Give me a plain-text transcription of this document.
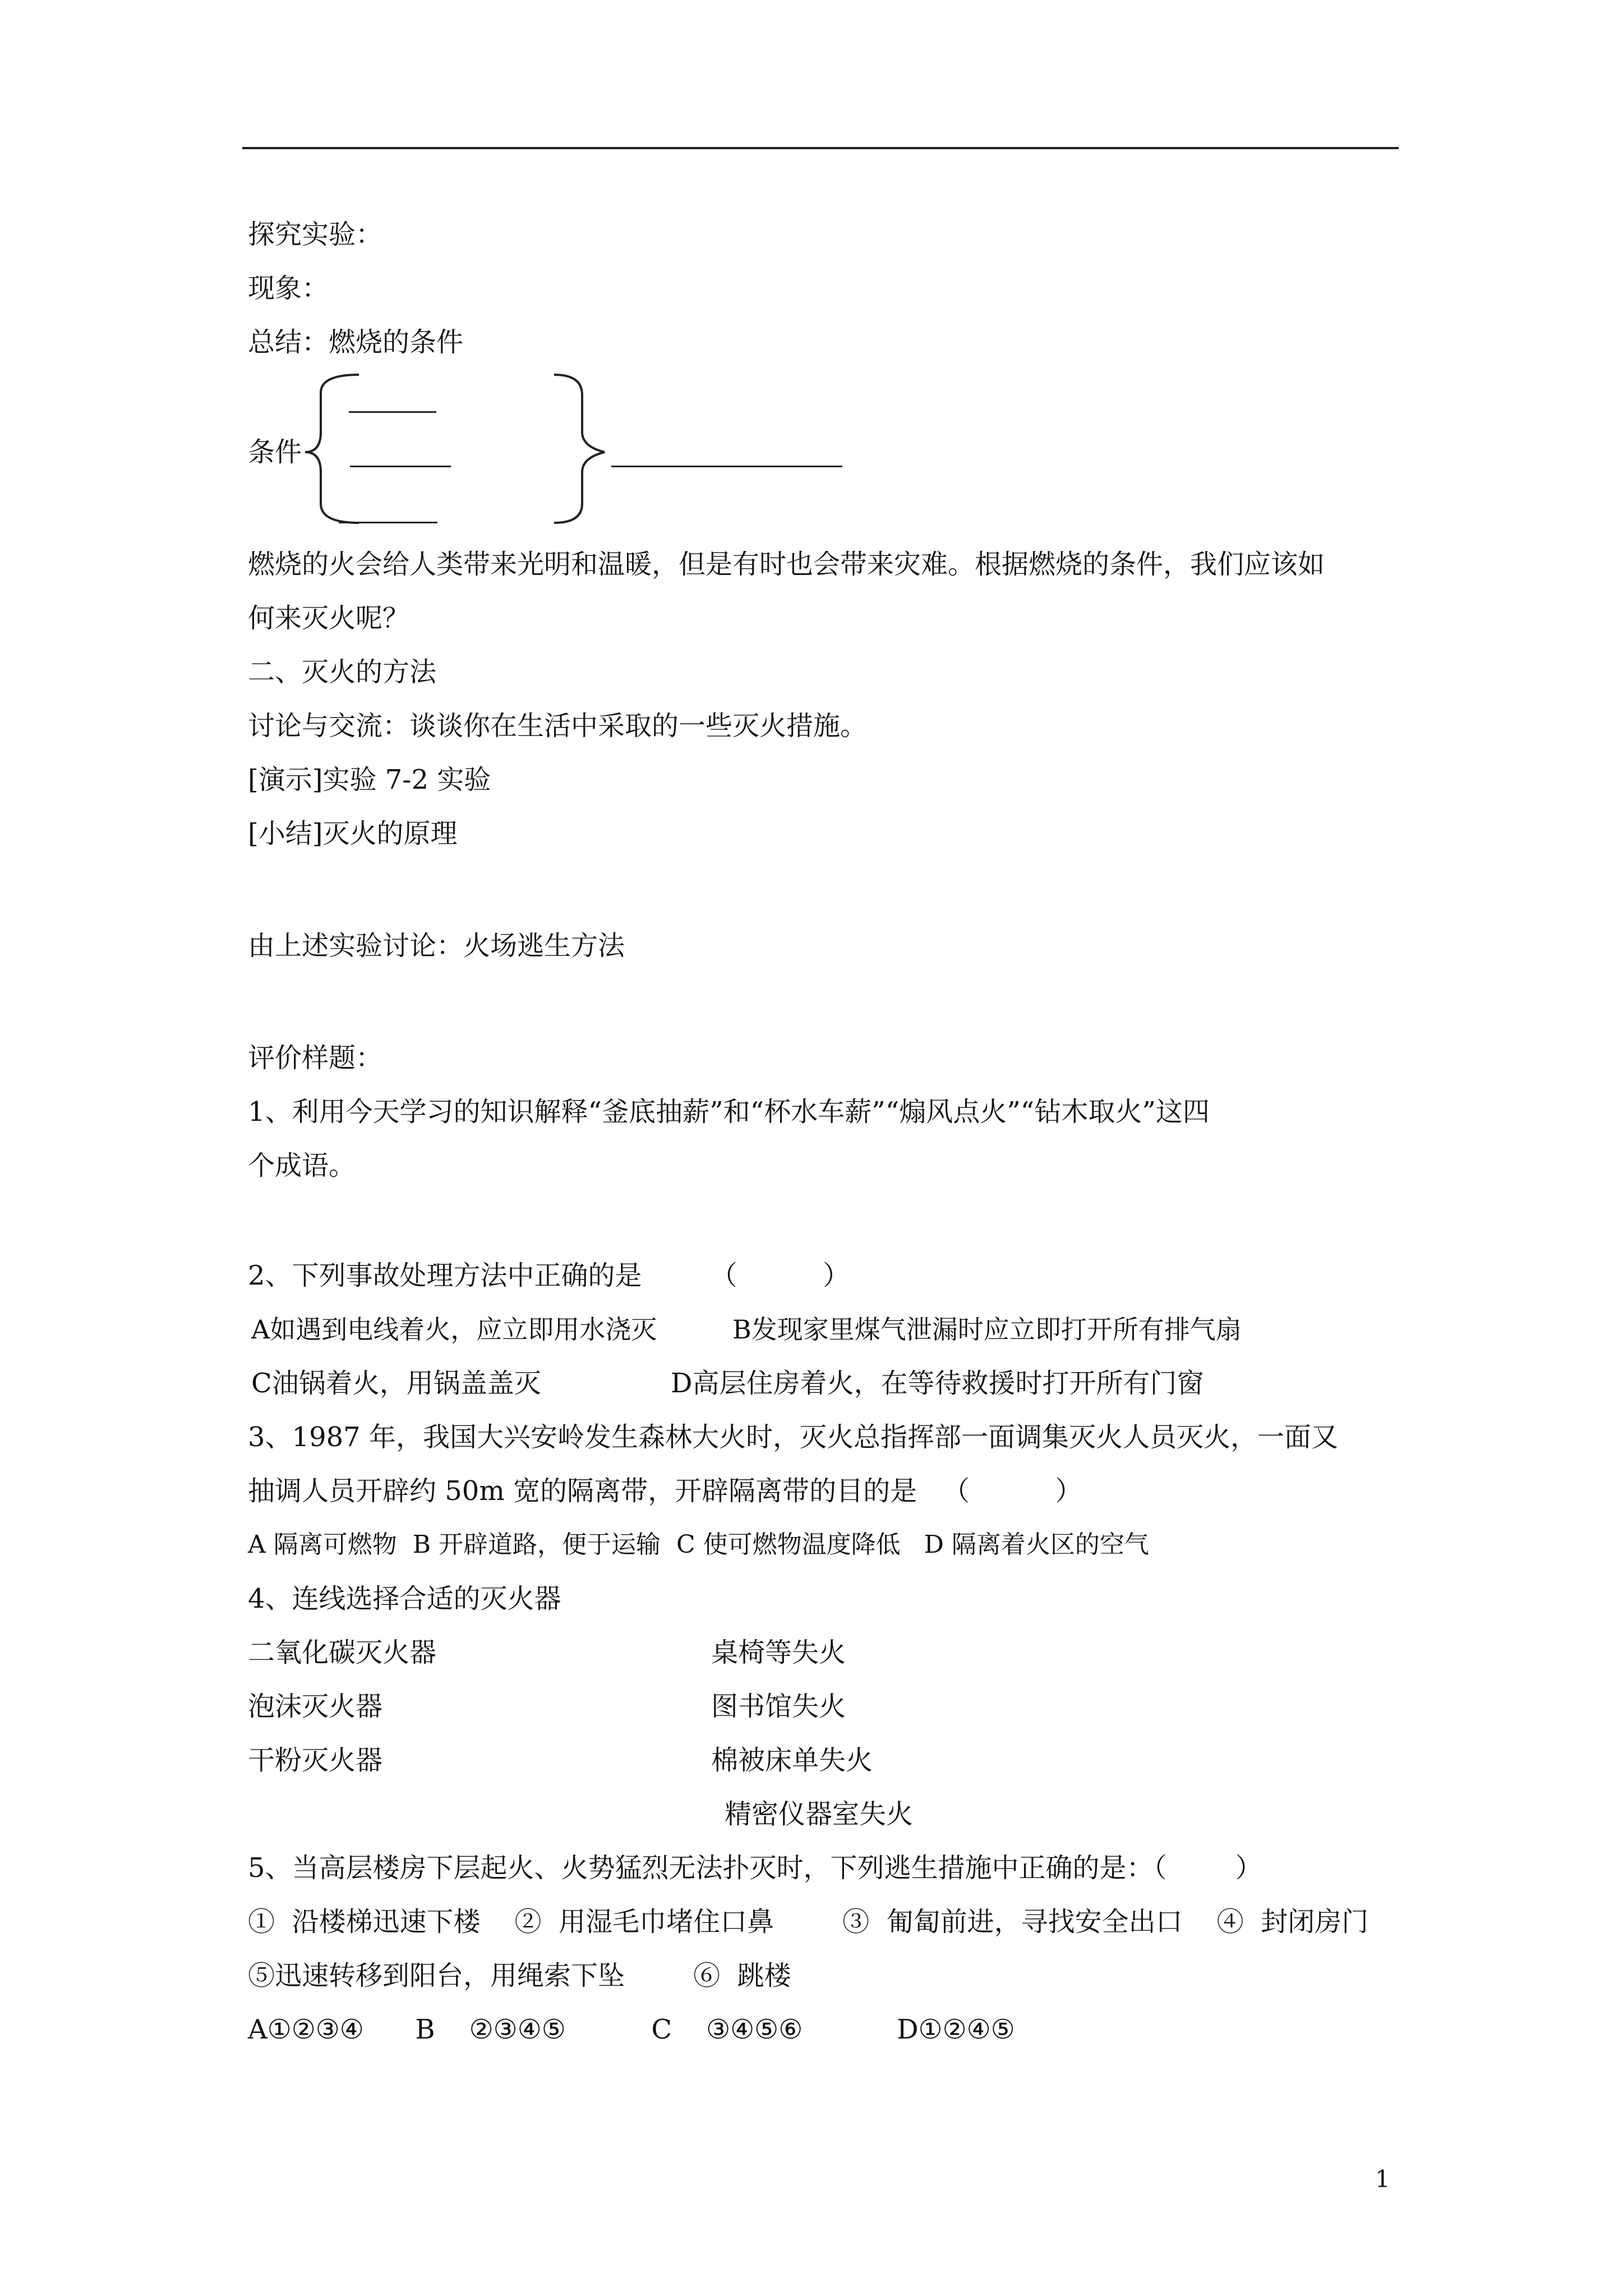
探究实验：
现象：
总结：燃烧的条件
条件
燃烧的火会给人类带来光明和温暖，但是有时也会带来灾难。根据燃烧的条件，我们应该如
何来灭火呢？
二、灭火的方法
讨论与交流：谈谈你在生活中采取的一些灭火措施。
[演示]实验 7-2 实验
[小结]灭火的原理
由上述实验讨论：火场逃生方法
评价样题：
1、利用今天学习的知识解释“釜底抽薪”和“杯水车薪”“煽风点火”“钻木取火”这四
个成语。
2、下列事故处理方法中正确的是        （          ）
A如遇到电线着火，应立即用水浇灭	B发现家里煤气泄漏时应立即打开所有排气扇
C油锅着火，用锅盖盖灭	D高层住房着火，在等待救援时打开所有门窗
3、1987 年，我国大兴安岭发生森林大火时，灭火总指挥部一面调集灭火人员灭火，一面又
抽调人员开辟约 50m 宽的隔离带，开辟隔离带的目的是   （          ）
A 隔离可燃物  B 开辟道路，便于运输  C 使可燃物温度降低   D 隔离着火区的空气
4、连线选择合适的灭火器
二氧化碳灭火器
泡沫灭火器
干粉灭火器
桌椅等失火
图书馆失火
棉被床单失火
精密仪器室失火
5、当高层楼房下层起火、火势猛烈无法扑灭时，下列逃生措施中正确的是：（        ）
①  沿楼梯迅速下楼    ②  用湿毛巾堵住口鼻        ③  匍匐前进，寻找安全出口    ④  封闭房门
⑤迅速转移到阳台，用绳索下坠        ⑥  跳楼
A①②③④      B    ②③④⑤          C    ③④⑤⑥           D①②④⑤
1
